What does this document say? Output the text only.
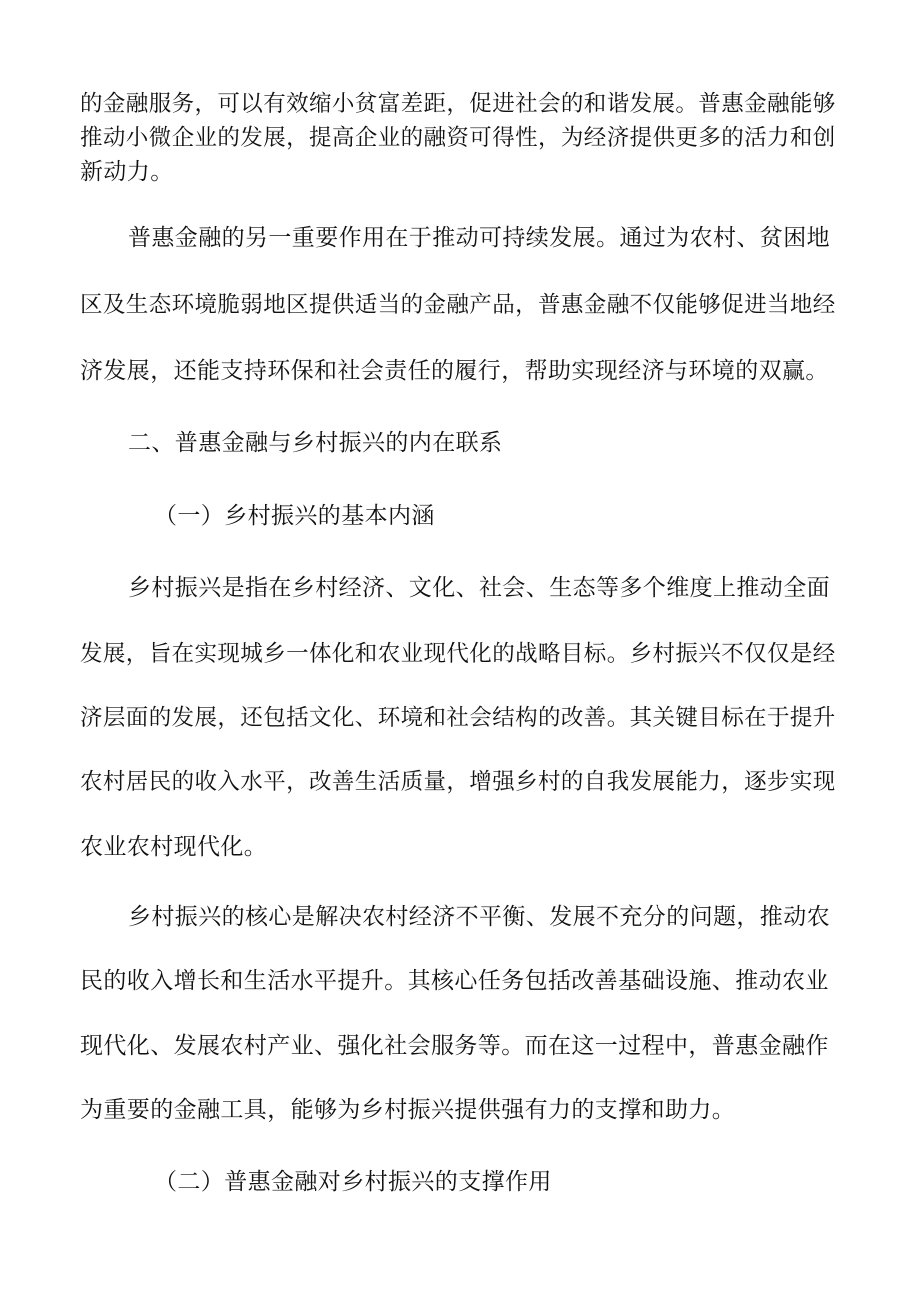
的金融服务，可以有效缩小贫富差距，促进社会的和谐发展。普惠金融能够

推动小微企业的发展，提高企业的融资可得性，为经济提供更多的活力和创

新动力。

普惠金融的另一重要作用在于推动可持续发展。通过为农村、贫困地

区及生态环境脆弱地区提供适当的金融产品，普惠金融不仅能够促进当地经

济发展，还能支持环保和社会责任的履行，帮助实现经济与环境的双赢。

二、普惠金融与乡村振兴的内在联系

（一）乡村振兴的基本内涵

乡村振兴是指在乡村经济、文化、社会、生态等多个维度上推动全面

发展，旨在实现城乡一体化和农业现代化的战略目标。乡村振兴不仅仅是经

济层面的发展，还包括文化、环境和社会结构的改善。其关键目标在于提升

农村居民的收入水平，改善生活质量，增强乡村的自我发展能力，逐步实现

农业农村现代化。

乡村振兴的核心是解决农村经济不平衡、发展不充分的问题，推动农

民的收入增长和生活水平提升。其核心任务包括改善基础设施、推动农业

现代化、发展农村产业、强化社会服务等。而在这一过程中，普惠金融作

为重要的金融工具，能够为乡村振兴提供强有力的支撑和助力。

（二）普惠金融对乡村振兴的支撑作用
